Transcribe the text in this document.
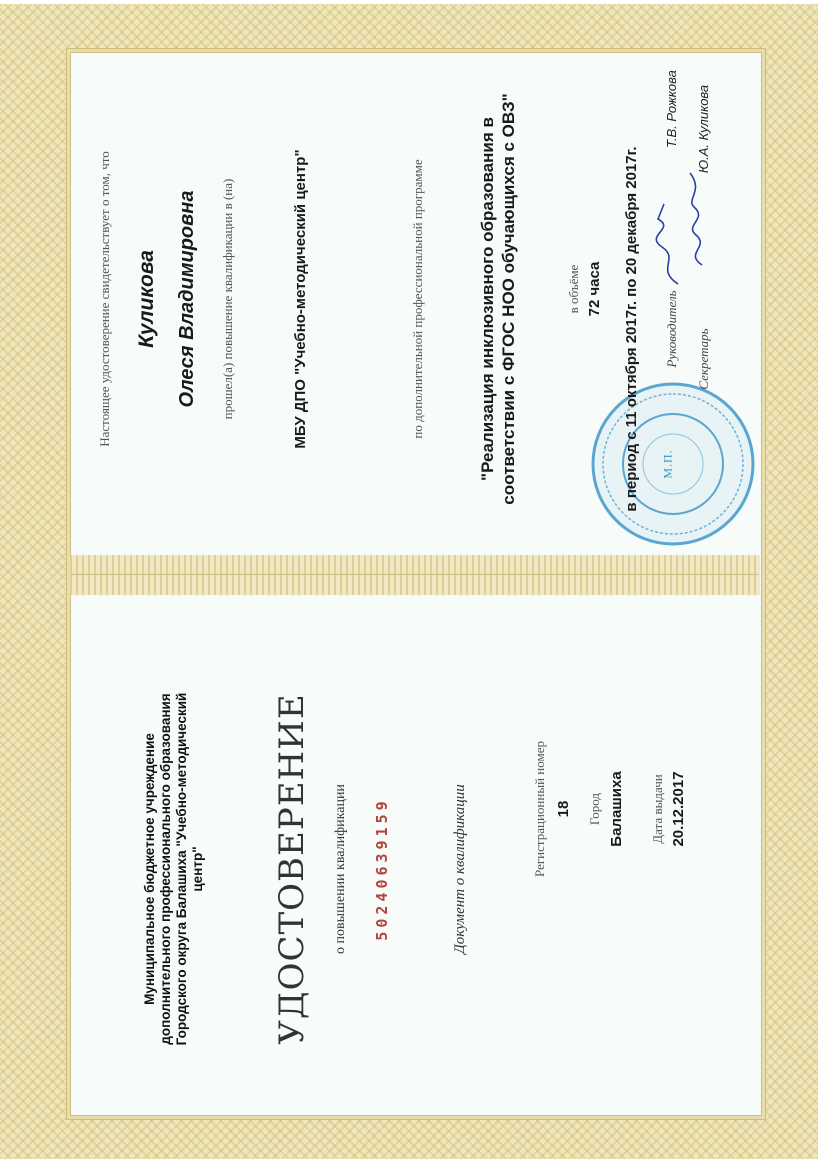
Муниципальное бюджетное учреждение дополнительного профессионального образования Городского округа Балашиха "Учебно-методический центр" УДОСТОВЕРЕНИЕ о повышении квалификации 50240639159	Документ о квалификации	Регистрационный номер 18 Город Балашиха Дата выдачи 20.12.2017
Настоящее удостоверение свидетельствует о том, что Куликова Олеся Владимировна прошел(а) повышение квалификации в (на)	МБУ ДПО "Учебно-методический центр"	по дополнительной профессиональной программе	"Реализация инклюзивного образования в соответствии с ФГОС НОО обучающихся с ОВЗ"	в объёме 72 часа
М.П.
в период с 11 октября 2017г. по 20 декабря 2017г. Руководитель
Т.В. Рожкова
Секретарь
Ю.А. Куликова
